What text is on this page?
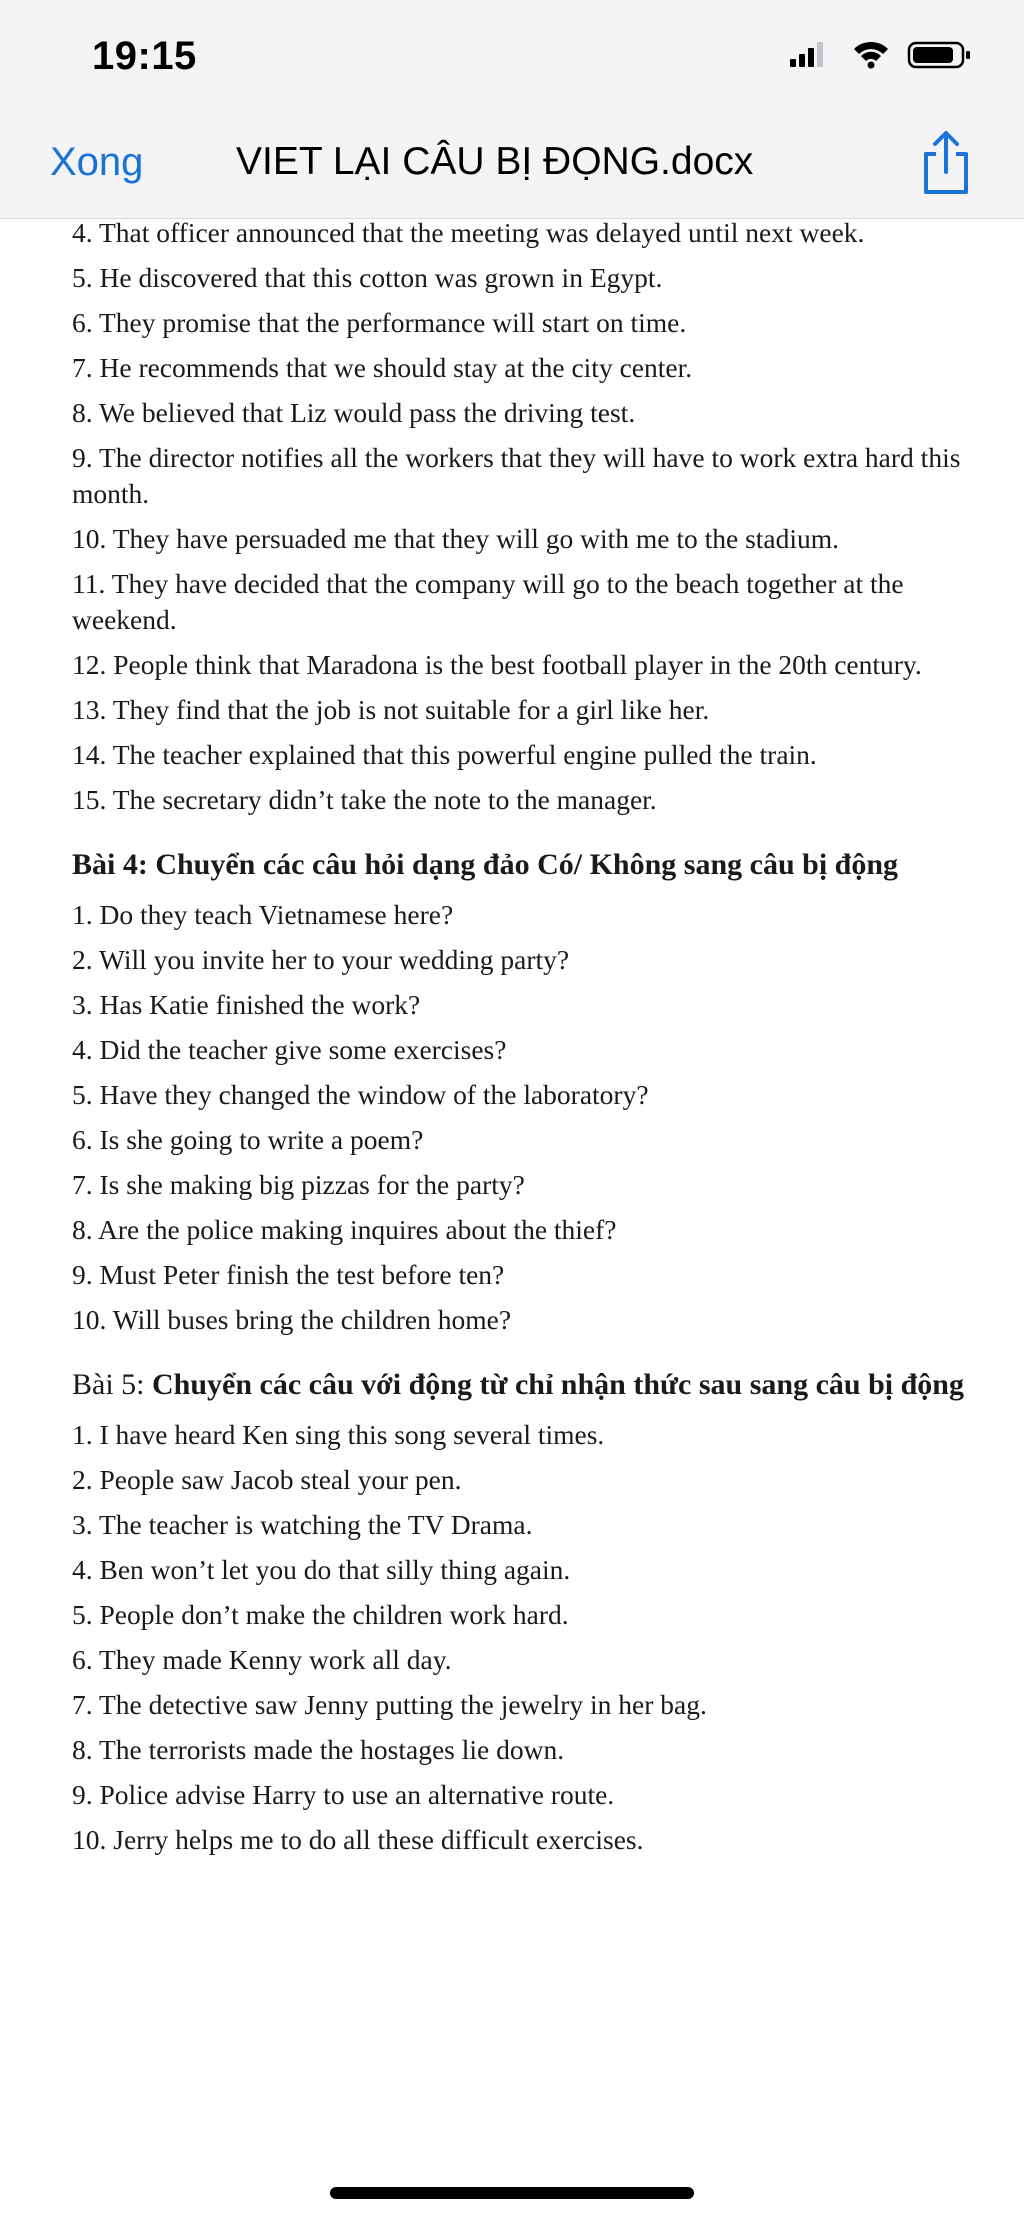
19:15
Xong VIET LẠI CÂU BỊ ĐỌNG.docx

4. That officer announced that the meeting was delayed until next week.

5. He discovered that this cotton was grown in Egypt.

6. They promise that the performance will start on time.

7. He recommends that we should stay at the city center.

8. We believed that Liz would pass the driving test.

9. The director notifies all the workers that they will have to work extra hard this month.

10. They have persuaded me that they will go with me to the stadium.

11. They have decided that the company will go to the beach together at the weekend.

12. People think that Maradona is the best football player in the 20th century.

13. They find that the job is not suitable for a girl like her.

14. The teacher explained that this powerful engine pulled the train.

15. The secretary didn’t take the note to the manager.

Bài 4: Chuyển các câu hỏi dạng đảo Có/ Không sang câu bị động

1. Do they teach Vietnamese here?

2. Will you invite her to your wedding party?

3. Has Katie finished the work?

4. Did the teacher give some exercises?

5. Have they changed the window of the laboratory?

6. Is she going to write a poem?

7. Is she making big pizzas for the party?

8. Are the police making inquires about the thief?

9. Must Peter finish the test before ten?

10. Will buses bring the children home?

Bài 5: Chuyển các câu với động từ chỉ nhận thức sau sang câu bị động

1. I have heard Ken sing this song several times.

2. People saw Jacob steal your pen.

3. The teacher is watching the TV Drama.

4. Ben won’t let you do that silly thing again.

5. People don’t make the children work hard.

6. They made Kenny work all day.

7. The detective saw Jenny putting the jewelry in her bag.

8. The terrorists made the hostages lie down.

9. Police advise Harry to use an alternative route.

10. Jerry helps me to do all these difficult exercises.
